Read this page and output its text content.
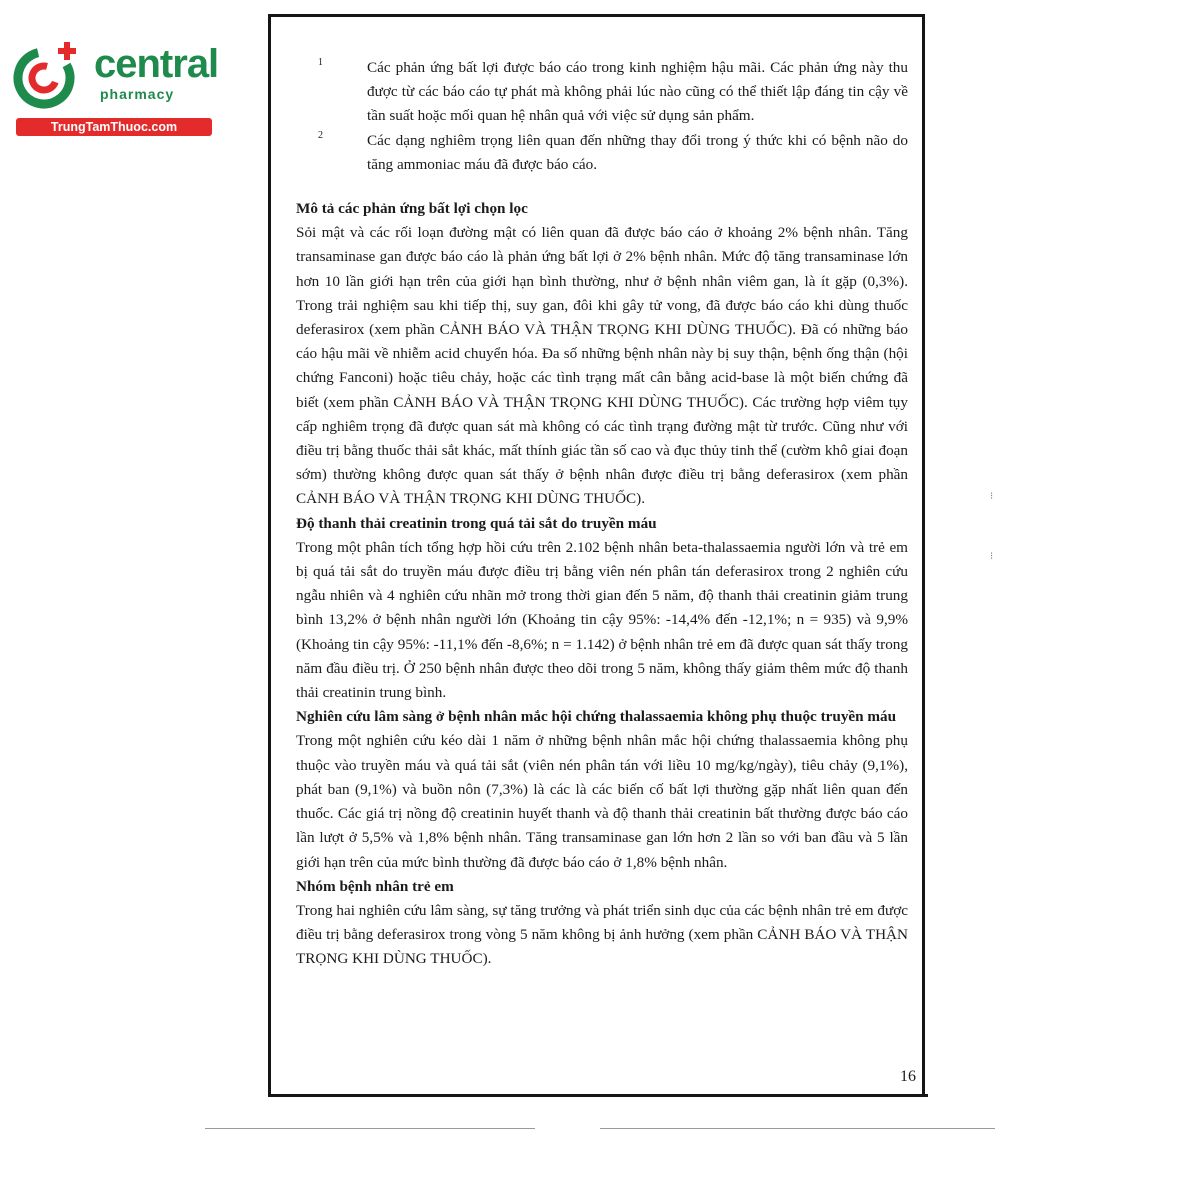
central
pharmacy
TrungTamThuoc.com
⁝
⁝
1	Các phản ứng bất lợi được báo cáo trong kinh nghiệm hậu mãi. Các phản ứng này thu được từ các báo cáo tự phát mà không phải lúc nào cũng có thể thiết lập đáng tin cậy về tần suất hoặc mối quan hệ nhân quả với việc sử dụng sản phẩm.
2	Các dạng nghiêm trọng liên quan đến những thay đổi trong ý thức khi có bệnh não do tăng ammoniac máu đã được báo cáo.
Mô tả các phản ứng bất lợi chọn lọc

Sỏi mật và các rối loạn đường mật có liên quan đã được báo cáo ở khoảng 2% bệnh nhân. Tăng transaminase gan được báo cáo là phản ứng bất lợi ở 2% bệnh nhân. Mức độ tăng transaminase lớn hơn 10 lần giới hạn trên của giới hạn bình thường, như ở bệnh nhân viêm gan, là ít gặp (0,3%). Trong trải nghiệm sau khi tiếp thị, suy gan, đôi khi gây tử vong, đã được báo cáo khi dùng thuốc deferasirox (xem phần CẢNH BÁO VÀ THẬN TRỌNG KHI DÙNG THUỐC). Đã có những báo cáo hậu mãi về nhiễm acid chuyển hóa. Đa số những bệnh nhân này bị suy thận, bệnh ống thận (hội chứng Fanconi) hoặc tiêu chảy, hoặc các tình trạng mất cân bằng acid-base là một biến chứng đã biết (xem phần CẢNH BÁO VÀ THẬN TRỌNG KHI DÙNG THUỐC). Các trường hợp viêm tụy cấp nghiêm trọng đã được quan sát mà không có các tình trạng đường mật từ trước. Cũng như với điều trị bằng thuốc thải sắt khác, mất thính giác tần số cao và đục thủy tinh thể (cườm khô giai đoạn sớm) thường không được quan sát thấy ở bệnh nhân được điều trị bằng deferasirox (xem phần CẢNH BÁO VÀ THẬN TRỌNG KHI DÙNG THUỐC).

Độ thanh thải creatinin trong quá tải sắt do truyền máu

Trong một phân tích tổng hợp hồi cứu trên 2.102 bệnh nhân beta-thalassaemia người lớn và trẻ em bị quá tải sắt do truyền máu được điều trị bằng viên nén phân tán deferasirox trong 2 nghiên cứu ngẫu nhiên và 4 nghiên cứu nhãn mở trong thời gian đến 5 năm, độ thanh thải creatinin giảm trung bình 13,2% ở bệnh nhân người lớn (Khoảng tin cậy 95%: -14,4% đến -12,1%; n = 935) và 9,9% (Khoảng tin cậy 95%: -11,1% đến -8,6%; n = 1.142) ở bệnh nhân trẻ em đã được quan sát thấy trong năm đầu điều trị. Ở 250 bệnh nhân được theo dõi trong 5 năm, không thấy giảm thêm mức độ thanh thải creatinin trung bình.

Nghiên cứu lâm sàng ở bệnh nhân mắc hội chứng thalassaemia không phụ thuộc truyền máu

Trong một nghiên cứu kéo dài 1 năm ở những bệnh nhân mắc hội chứng thalassaemia không phụ thuộc vào truyền máu và quá tải sắt (viên nén phân tán với liều 10 mg/kg/ngày), tiêu chảy (9,1%), phát ban (9,1%) và buồn nôn (7,3%) là các là các biến cố bất lợi thường gặp nhất liên quan đến thuốc. Các giá trị nồng độ creatinin huyết thanh và độ thanh thải creatinin bất thường được báo cáo lần lượt ở 5,5% và 1,8% bệnh nhân. Tăng transaminase gan lớn hơn 2 lần so với ban đầu và 5 lần giới hạn trên của mức bình thường đã được báo cáo ở 1,8% bệnh nhân.

Nhóm bệnh nhân trẻ em

Trong hai nghiên cứu lâm sàng, sự tăng trưởng và phát triển sinh dục của các bệnh nhân trẻ em được điều trị bằng deferasirox trong vòng 5 năm không bị ảnh hưởng (xem phần CẢNH BÁO VÀ THẬN TRỌNG KHI DÙNG THUỐC).

16
